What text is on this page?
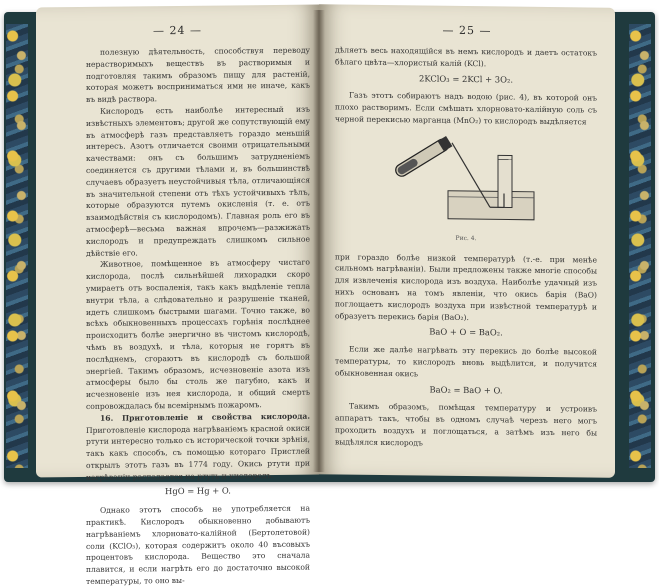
— 24 —

полезную дѣятельность, способствуя переводу нерастворимыхъ веществъ въ растворимыя и подготовляя такимъ образомъ пищу для растеній, которая можетъ восприниматься ими не иначе, какъ въ видѣ раствора.

Кислородъ есть наиболѣе интересный изъ извѣстныхъ элементовъ; другой же сопутствующій ему въ атмосферѣ газъ представляетъ гораздо меньшій интересъ. Азотъ отличается своими отрицательными качествами: онъ съ большимъ затрудненіемъ соединяется съ другими тѣлами и, въ большинствѣ случаевъ образуетъ неустойчивыя тѣла, отличающіяся въ значительной степени отъ тѣхъ устойчивыхъ тѣлъ, которые образуются путемъ окисленія (т. е. отъ взаимодѣйствія съ кислородомъ). Главная роль его въ атмосферѣ—весьма важная впрочемъ—разжижать кислородъ и предупреждать слишкомъ сильное дѣйствіе его.

Животное, помѣщенное въ атмосферу чистаго кислорода, послѣ сильнѣйшей лихорадки скоро умираетъ отъ воспаленія, такъ какъ выдѣленіе тепла внутри тѣла, а слѣдовательно и разрушеніе тканей, идетъ слишкомъ быстрыми шагами. Точно также, во всѣхъ обыкновенныхъ процессахъ горѣнія послѣднее происходитъ болѣе энергично въ чистомъ кислородѣ, чѣмъ въ воздухѣ, и тѣла, которыя не горятъ въ послѣднемъ, сгораютъ въ кислородѣ съ большой энергіей. Такимъ образомъ, исчезновеніе азота изъ атмосферы было бы столь же пагубно, какъ и исчезновеніе изъ нея кислорода, и общий смерть сопровождалась бы всемірнымъ пожаромъ.

16. Приготовленіе и свойства кислорода. Приготовленіе кислорода нагрѣваніемъ красной окиси ртути интересно только съ исторической точки зрѣнія, такъ какъ способъ, съ помощью котораго Пристлей открылъ этотъ газъ въ 1774 году. Окись ртути при нагрѣваніи распадается на ртуть и кислородъ.

HgO = Hg + O.

Однако этотъ способъ не употребляется на практикѣ. Кислородъ обыкновенно добываютъ нагрѣваніемъ хлорновато-калійной (Бертолетовой) соли (KClO₃), которая содержитъ около 40 въсовыхъ процентовъ кислорода. Вещество это сначала плавится, и если нагрѣть его до достаточно высокой температуры, то оно вы-

— 25 —

дѣляетъ весь находящійся въ немъ кислородъ и даетъ остатокъ бѣлаго цвѣта—хлористый калій (KCl).

2KClO₃ = 2KCl + 3O₂.

Газъ этотъ собираютъ надъ водою (рис. 4), въ которой онъ плохо растворимъ. Если смѣшать хлорновато-калійную соль съ черной перекисью марганца (MnO₂) то кислородъ выдѣляется

Рис. 4.

при гораздо болѣе низкой температурѣ (т.-е. при менѣе сильномъ нагрѣваніи). Были предложены также многіе способы для извлеченія кислорода изъ воздуха. Наиболѣе удачный изъ нихъ основанъ на томъ явленіи, что окись барія (BaO) поглощаетъ кислородъ воздуха при извѣстной температурѣ и образуетъ перекись барія (BaO₂).

BaO + O = BaO₂.

Если же далѣе нагрѣвать эту перекись до болѣе высокой температуры, то кислородъ вновь выдѣлится, и получится обыкновенная окись

BaO₂ = BaO + O.

Такимъ образомъ, помѣщая температуру и устроивъ аппаратъ такъ, чтобы въ одномъ случаѣ черезъ него могъ проходить воздухъ и поглощаться, а затѣмъ изъ него бы выдѣлялся кислородъ
